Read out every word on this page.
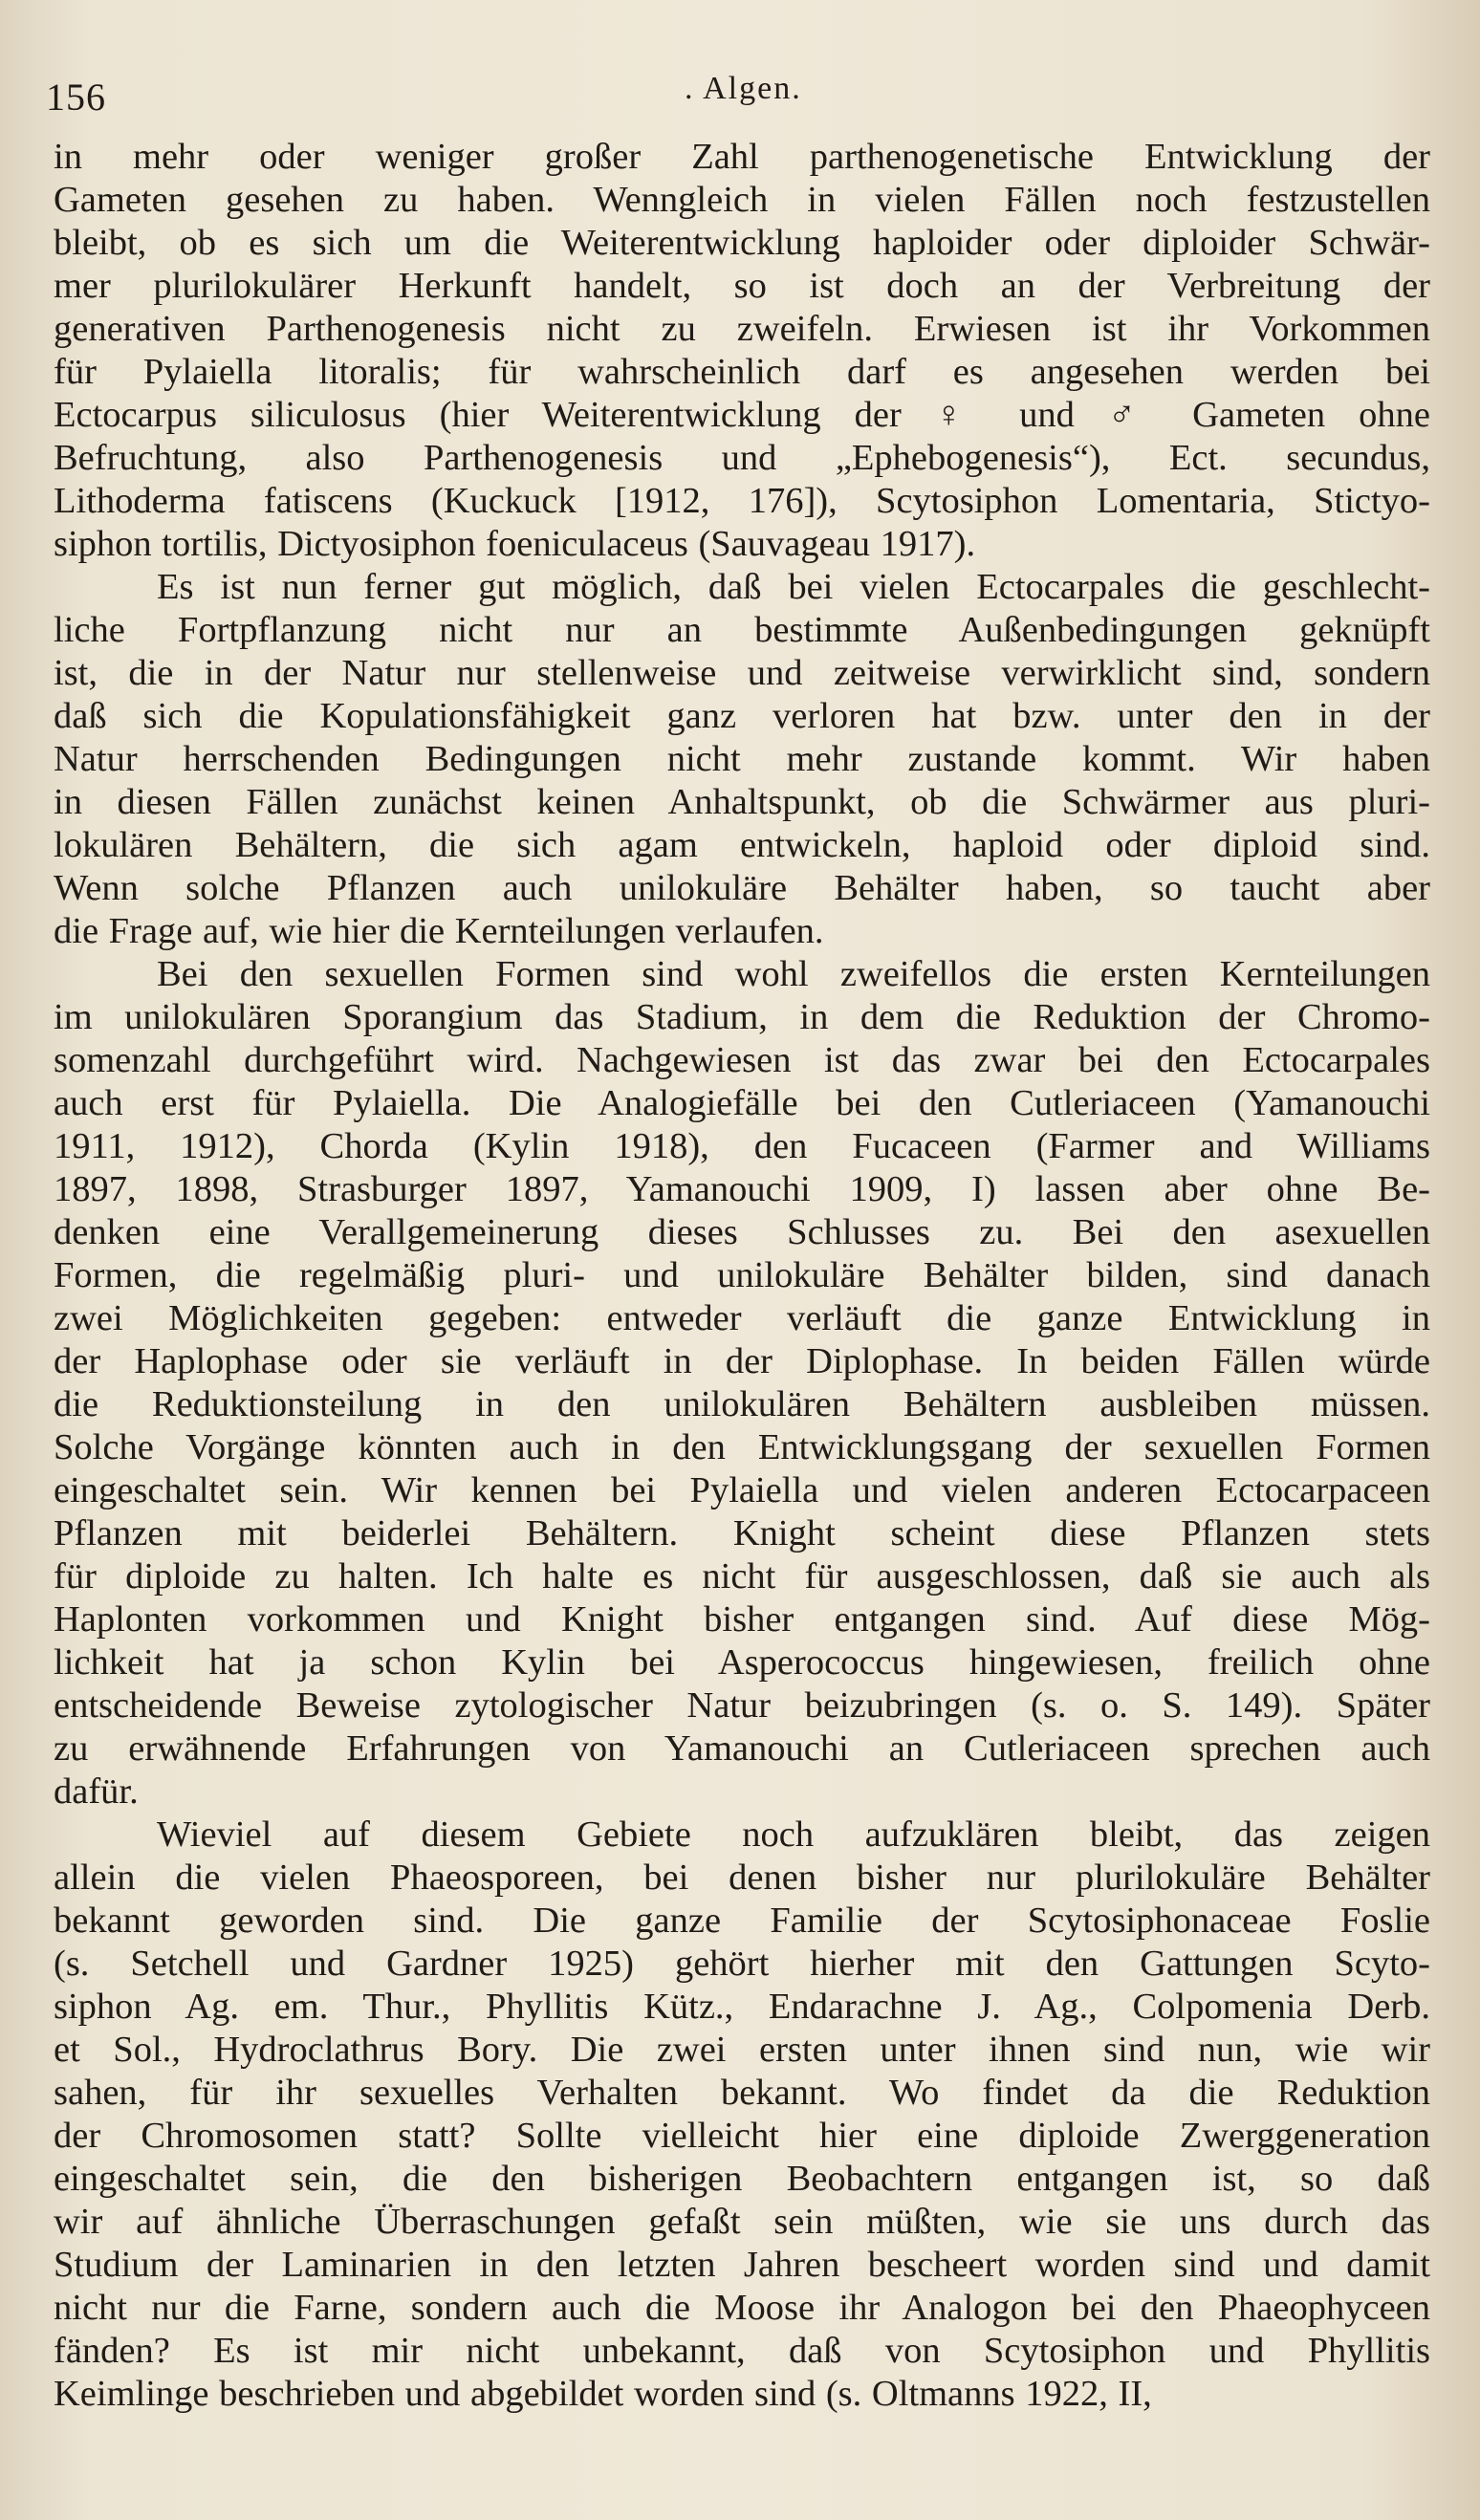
156	. Algen.
in mehr oder weniger großer Zahl parthenogenetische Entwicklung der
Gameten gesehen zu haben. Wenngleich in vielen Fällen noch festzustellen
bleibt, ob es sich um die Weiterentwicklung haploider oder diploider Schwär-
mer plurilokulärer Herkunft handelt, so ist doch an der Verbreitung der
generativen Parthenogenesis nicht zu zweifeln. Erwiesen ist ihr Vorkommen
für Pylaiella litoralis; für wahrscheinlich darf es angesehen werden bei
Ectocarpus siliculosus (hier Weiterentwicklung der ♀ und ♂ Gameten ohne
Befruchtung, also Parthenogenesis und „Ephebogenesis“), Ect. secundus,
Lithoderma fatiscens (Kuckuck [1912, 176]), Scytosiphon Lomentaria, Stictyo-
siphon tortilis, Dictyosiphon foeniculaceus (Sauvageau 1917).
Es ist nun ferner gut möglich, daß bei vielen Ectocarpales die geschlecht-
liche Fortpflanzung nicht nur an bestimmte Außenbedingungen geknüpft
ist, die in der Natur nur stellenweise und zeitweise verwirklicht sind, sondern
daß sich die Kopulationsfähigkeit ganz verloren hat bzw. unter den in der
Natur herrschenden Bedingungen nicht mehr zustande kommt. Wir haben
in diesen Fällen zunächst keinen Anhaltspunkt, ob die Schwärmer aus pluri-
lokulären Behältern, die sich agam entwickeln, haploid oder diploid sind.
Wenn solche Pflanzen auch unilokuläre Behälter haben, so taucht aber
die Frage auf, wie hier die Kernteilungen verlaufen.
Bei den sexuellen Formen sind wohl zweifellos die ersten Kernteilungen
im unilokulären Sporangium das Stadium, in dem die Reduktion der Chromo-
somenzahl durchgeführt wird. Nachgewiesen ist das zwar bei den Ectocarpales
auch erst für Pylaiella. Die Analogiefälle bei den Cutleriaceen (Yamanouchi
1911, 1912), Chorda (Kylin 1918), den Fucaceen (Farmer and Williams
1897, 1898, Strasburger 1897, Yamanouchi 1909, I) lassen aber ohne Be-
denken eine Verallgemeinerung dieses Schlusses zu. Bei den asexuellen
Formen, die regelmäßig pluri- und unilokuläre Behälter bilden, sind danach
zwei Möglichkeiten gegeben: entweder verläuft die ganze Entwicklung in
der Haplophase oder sie verläuft in der Diplophase. In beiden Fällen würde
die Reduktionsteilung in den unilokulären Behältern ausbleiben müssen.
Solche Vorgänge könnten auch in den Entwicklungsgang der sexuellen Formen
eingeschaltet sein. Wir kennen bei Pylaiella und vielen anderen Ectocarpaceen
Pflanzen mit beiderlei Behältern. Knight scheint diese Pflanzen stets
für diploide zu halten. Ich halte es nicht für ausgeschlossen, daß sie auch als
Haplonten vorkommen und Knight bisher entgangen sind. Auf diese Mög-
lichkeit hat ja schon Kylin bei Asperococcus hingewiesen, freilich ohne
entscheidende Beweise zytologischer Natur beizubringen (s. o. S. 149). Später
zu erwähnende Erfahrungen von Yamanouchi an Cutleriaceen sprechen auch
dafür.
Wieviel auf diesem Gebiete noch aufzuklären bleibt, das zeigen
allein die vielen Phaeosporeen, bei denen bisher nur plurilokuläre Behälter
bekannt geworden sind. Die ganze Familie der Scytosiphonaceae Foslie
(s. Setchell und Gardner 1925) gehört hierher mit den Gattungen Scyto-
siphon Ag. em. Thur., Phyllitis Kütz., Endarachne J. Ag., Colpomenia Derb.
et Sol., Hydroclathrus Bory. Die zwei ersten unter ihnen sind nun, wie wir
sahen, für ihr sexuelles Verhalten bekannt. Wo findet da die Reduktion
der Chromosomen statt? Sollte vielleicht hier eine diploide Zwerggeneration
eingeschaltet sein, die den bisherigen Beobachtern entgangen ist, so daß
wir auf ähnliche Überraschungen gefaßt sein müßten, wie sie uns durch das
Studium der Laminarien in den letzten Jahren bescheert worden sind und damit
nicht nur die Farne, sondern auch die Moose ihr Analogon bei den Phaeophyceen
fänden? Es ist mir nicht unbekannt, daß von Scytosiphon und Phyllitis
Keimlinge beschrieben und abgebildet worden sind (s. Oltmanns 1922, II,
